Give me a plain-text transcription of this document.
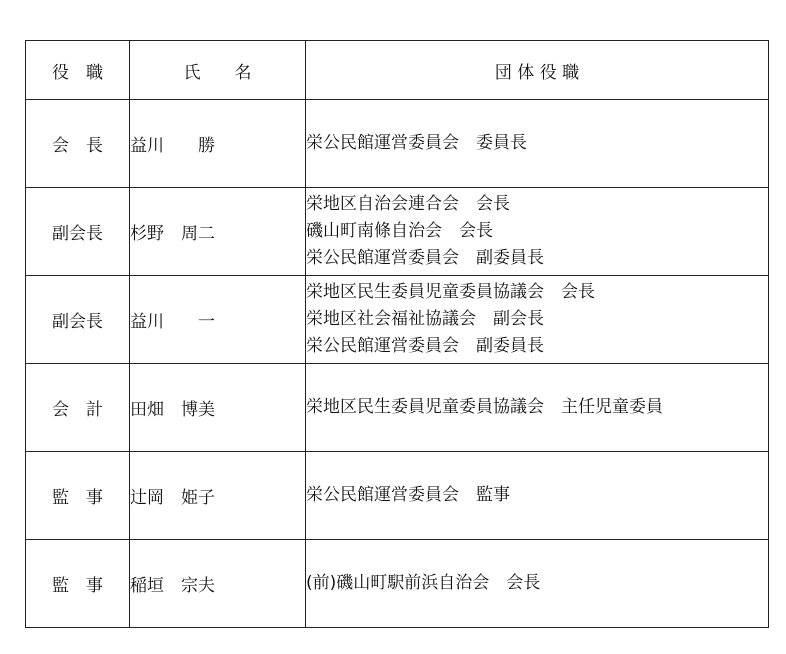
役　職	氏　　名	団 体 役 職
会　長	益川　　勝	栄公民館運営委員会　委員長

副会長	杉野　周二	栄地区自治会連合会　会長
磯山町南條自治会　会長
栄公民館運営委員会　副委員長

副会長	益川　　一	栄地区民生委員児童委員協議会　会長
栄地区社会福祉協議会　副会長
栄公民館運営委員会　副委員長

会　計	田畑　博美	栄地区民生委員児童委員協議会　主任児童委員

監　事	辻岡　姫子	栄公民館運営委員会　監事

監　事	稲垣　宗夫	(前)磯山町駅前浜自治会　会長
